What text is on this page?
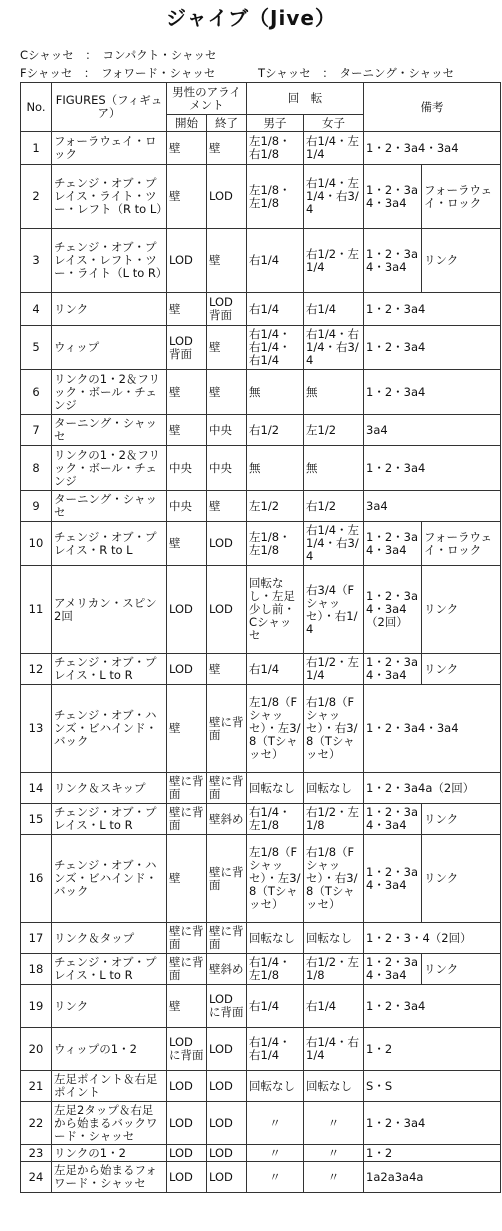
ジャイブ（Jive）
Cシャッセ　：　コンパクト・シャッセ
Fシャッセ　：　フォワード・シャッセ	Tシャッセ　：　ターニング・シャッセ
No.	FIGURES（フィギュア）	男性のアライメント		回　転		備考	
		開始	終了	男子	女子		
1	フォーラウェイ・ロック	壁	壁	左1/8・右1/8	右1/4・左1/4	1・2・3a4・3a4	
2	チェンジ・オブ・プレイス・ライト・ツー・レフト（R to L）	壁	LOD	左1/8・左1/8	右1/4・左1/4・右3/4	1・2・3a4・3a4	フォーラウェイ・ロック
3	チェンジ・オブ・プレイス・レフト・ツー・ライト（L to R）	LOD	壁	右1/4	右1/2・左1/4	1・2・3a4・3a4	リンク
4	リンク	壁	LOD背面	右1/4	右1/4	1・2・3a4	
5	ウィップ	LOD背面	壁	右1/4・右1/4・右1/4	右1/4・右1/4・右3/4	1・2・3a4	
6	リンクの1・2＆フリック・ボール・チェンジ	壁	壁	無	無	1・2・3a4	
7	ターニング・シャッセ	壁	中央	右1/2	左1/2	3a4	
8	リンクの1・2＆フリック・ボール・チェンジ	中央	中央	無	無	1・2・3a4	
9	ターニング・シャッセ	中央	壁	左1/2	右1/2	3a4	
10	チェンジ・オブ・プレイス・R to L	壁	LOD	左1/8・左1/8	右1/4・左1/4・右3/4	1・2・3a4・3a4	フォーラウェイ・ロック
11	アメリカン・スピン　2回	LOD	LOD	回転なし・左足少し前・Cシャッセ	右3/4（Fシャッセ）・右1/4	1・2・3a4・3a4（2回）	リンク
12	チェンジ・オブ・プレイス・L to R	LOD	壁	右1/4	右1/2・左1/4	1・2・3a4・3a4	リンク
13	チェンジ・オブ・ハンズ・ビハインド・バック	壁	壁に背面	左1/8（Fシャッセ）・左3/8（Tシャッセ）	右1/8（Fシャッセ）・右3/8（Tシャッセ）	1・2・3a4・3a4	
14	リンク＆スキップ	壁に背面	壁に背面	回転なし	回転なし	1・2・3a4a（2回）	
15	チェンジ・オブ・プレイス・L to R	壁に背面	壁斜め	右1/4・左1/8	右1/2・左1/8	1・2・3a4・3a4	リンク
16	チェンジ・オブ・ハンズ・ビハインド・バック	壁	壁に背面	左1/8（Fシャッセ）・左3/8（Tシャッセ）	右1/8（Fシャッセ）・右3/8（Tシャッセ）	1・2・3a4・3a4	リンク
17	リンク＆タップ	壁に背面	壁に背面	回転なし	回転なし	1・2・3・4（2回）	
18	チェンジ・オブ・プレイス・L to R	壁に背面	壁斜め	右1/4・左1/8	右1/2・左1/8	1・2・3a4・3a4	リンク
19	リンク	壁	LODに背面	右1/4	右1/4	1・2・3a4	
20	ウィップの1・2	LODに背面	LOD	右1/4・右1/4	右1/4・右1/4	1・2	
21	左足ポイント＆右足ポイント	LOD	LOD	回転なし	回転なし	S・S	
22	左足2タップ＆右足から始まるバックワード・シャッセ	LOD	LOD	〃	〃	1・2・3a4	
23	リンクの1・2	LOD	LOD	〃	〃	1・2	
24	左足から始まるフォワード・シャッセ	LOD	LOD	〃	〃	1a2a3a4a	
